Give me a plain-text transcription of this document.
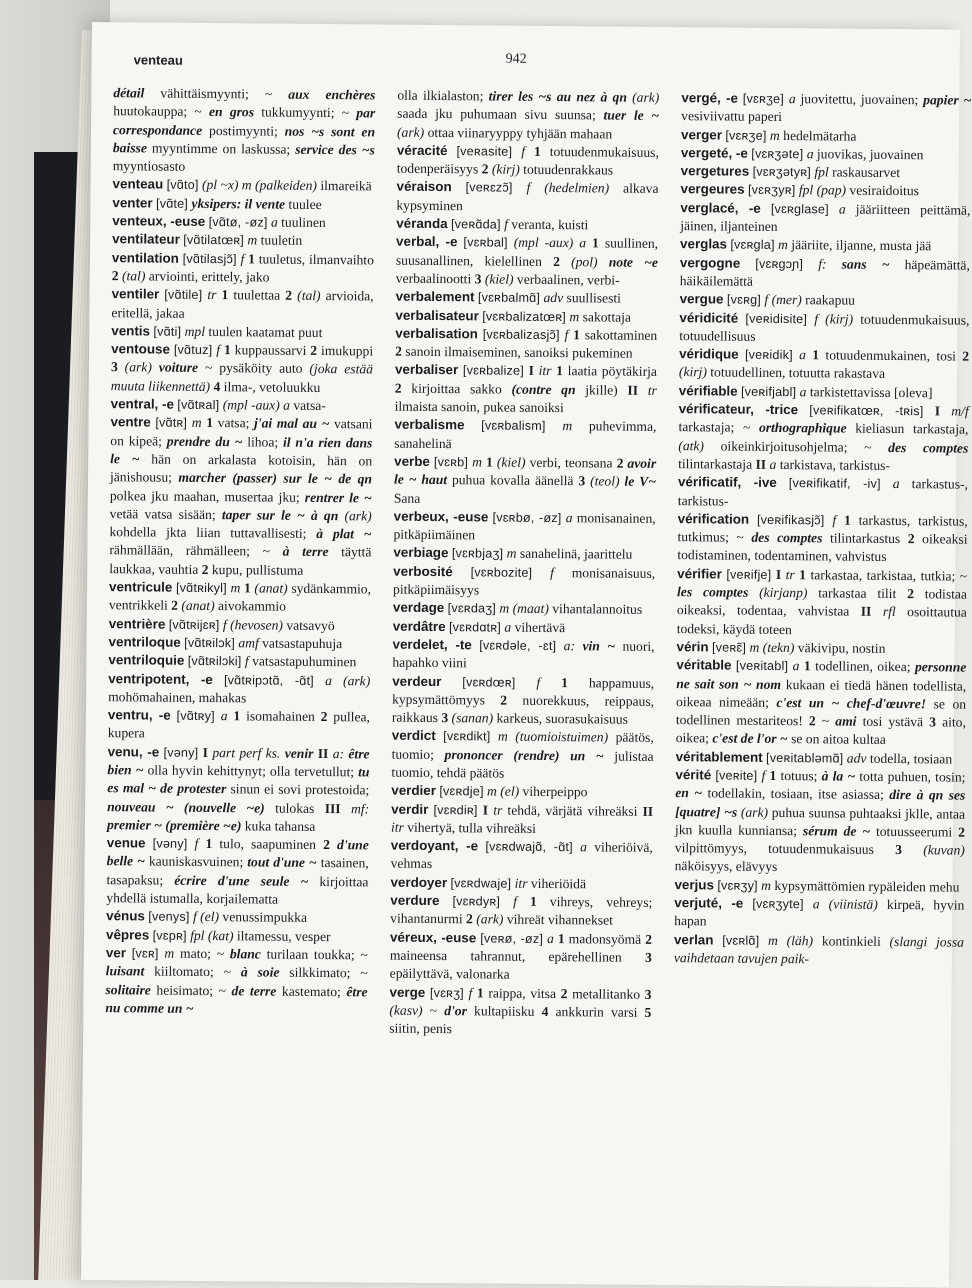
venteau	942

détail vähittäismyynti; ~ aux enchères huutokauppa; ~ en gros tukkumyynti; ~ par correspondance postimyynti; nos ~s sont en baisse myyntimme on laskussa; service des ~s myyntiosasto

venteau [vɑ̃to] (pl ~x) m (palkeiden) ilmareikä

venter [vɑ̃te] yksipers: il vente tuulee

venteux, -euse [vɑ̃tø, -øz] a tuulinen

ventilateur [vɑ̃tilatœʀ] m tuuletin

ventilation [vɑ̃tilasjɔ̃] f 1 tuuletus, ilmanvaihto 2 (tal) arviointi, erittely, jako

ventiler [vɑ̃tile] tr 1 tuulettaa 2 (tal) arvioida, eritellä, jakaa

ventis [vɑ̃ti] mpl tuulen kaatamat puut

ventouse [vɑ̃tuz] f 1 kuppaussarvi 2 imukuppi 3 (ark) voiture ~ pysäköity auto (joka estää muuta liikennettä) 4 ilma-, vetoluukku

ventral, -e [vɑ̃tʀal] (mpl -aux) a vatsa-

ventre [vɑ̃tʀ] m 1 vatsa; j'ai mal au ~ vatsani on kipeä; prendre du ~ lihoa; il n'a rien dans le ~ hän on arkalasta kotoisin, hän on jänishousu; marcher (passer) sur le ~ de qn polkea jku maahan, musertaa jku; rentrer le ~ vetää vatsa sisään; taper sur le ~ à qn (ark) kohdella jkta liian tuttavallisesti; à plat ~ rähmällään, rähmälleen; ~ à terre täyttä laukkaa, vauhtia 2 kupu, pullistuma

ventricule [vɑ̃tʀikyl] m 1 (anat) sydänkammio, ventrikkeli 2 (anat) aivokammio

ventrière [vɑ̃tʀijɛʀ] f (hevosen) vatsavyö

ventriloque [vɑ̃tʀilɔk] amf vatsastapuhuja

ventriloquie [vɑ̃tʀilɔki] f vatsastapuhuminen

ventripotent, -e [vɑ̃tʀipɔtɑ̃, -ɑ̃t] a (ark) mohömahainen, mahakas

ventru, -e [vɑ̃tʀy] a 1 isomahainen 2 pullea, kupera

venu, -e [vəny] I part perf ks. venir II a: être bien ~ olla hyvin kehittynyt; olla tervetullut; tu es mal ~ de protester sinun ei sovi protestoida; nouveau ~ (nouvelle ~e) tulokas III mf: premier ~ (première ~e) kuka tahansa

venue [vəny] f 1 tulo, saapuminen 2 d'une belle ~ kauniskasvuinen; tout d'une ~ tasainen, tasapaksu; écrire d'une seule ~ kirjoittaa yhdellä istumalla, korjailematta

vénus [venys] f (el) venussimpukka

vêpres [vɛpʀ] fpl (kat) iltamessu, vesper

ver [vɛʀ] m mato; ~ blanc turilaan toukka; ~ luisant kiiltomato; ~ à soie silkkimato; ~ solitaire heisimato; ~ de terre kastemato; être nu comme un ~

olla ilkialaston; tirer les ~s au nez à qn (ark) saada jku puhumaan sivu suunsa; tuer le ~ (ark) ottaa viinaryyppy tyhjään mahaan

véracité [veʀasite] f 1 totuudenmukaisuus, todenperäisyys 2 (kirj) totuudenrakkaus

véraison [veʀɛzɔ̃] f (hedelmien) alkava kypsyminen

véranda [veʀɑ̃da] f veranta, kuisti

verbal, -e [vɛʀbal] (mpl -aux) a 1 suullinen, suusanallinen, kielellinen 2 (pol) note ~e verbaalinootti 3 (kiel) verbaalinen, verbi-

verbalement [vɛʀbalmɑ̃] adv suullisesti

verbalisateur [vɛʀbalizatœʀ] m sakottaja

verbalisation [vɛʀbalizasjɔ̃] f 1 sakottaminen 2 sanoin ilmaiseminen, sanoiksi pukeminen

verbaliser [vɛʀbalize] I itr 1 laatia pöytäkirja 2 kirjoittaa sakko (contre qn jkille) II tr ilmaista sanoin, pukea sanoiksi

verbalisme [vɛʀbalism] m puhevimma, sanahelinä

verbe [vɛʀb] m 1 (kiel) verbi, teonsana 2 avoir le ~ haut puhua kovalla äänellä 3 (teol) le V~ Sana

verbeux, -euse [vɛʀbø, -øz] a monisanainen, pitkäpiimäinen

verbiage [vɛʀbjaʒ] m sanahelinä, jaarittelu

verbosité [vɛʀbozite] f monisanaisuus, pitkäpiimäisyys

verdage [vɛʀdaʒ] m (maat) vihantalannoitus

verdâtre [vɛʀdɑtʀ] a vihertävä

verdelet, -te [vɛʀdəle, -ɛt] a: vin ~ nuori, hapahko viini

verdeur [vɛʀdœʀ] f 1 happamuus, kypsymättömyys 2 nuorekkuus, reippaus, raikkaus 3 (sanan) karkeus, suorasukaisuus

verdict [vɛʀdikt] m (tuomioistuimen) päätös, tuomio; prononcer (rendre) un ~ julistaa tuomio, tehdä päätös

verdier [vɛʀdje] m (el) viherpeippo

verdir [vɛʀdiʀ] I tr tehdä, värjätä vihreäksi II itr vihertyä, tulla vihreäksi

verdoyant, -e [vɛʀdwajɑ̃, -ɑ̃t] a viheriöivä, vehmas

verdoyer [vɛʀdwaje] itr viheriöidä

verdure [vɛʀdyʀ] f 1 vihreys, vehreys; vihantanurmi 2 (ark) vihreät vihannekset

véreux, -euse [veʀø, -øz] a 1 madonsyömä 2 maineensa tahrannut, epärehellinen 3 epäilyttävä, valonarka

verge [vɛʀʒ] f 1 raippa, vitsa 2 metallitanko 3 (kasv) ~ d'or kultapiisku 4 ankkurin varsi 5 siitin, penis

vergé, -e [vɛʀʒe] a juovitettu, juovainen; papier ~ vesiviivattu paperi

verger [vɛʀʒe] m hedelmätarha

vergeté, -e [vɛʀʒəte] a juovikas, juovainen

vergetures [vɛʀʒətyʀ] fpl raskausarvet

vergeures [vɛʀʒyʀ] fpl (pap) vesiraidoitus

verglacé, -e [vɛʀglase] a jääriitteen peittämä, jäinen, iljanteinen

verglas [vɛʀgla] m jääriite, iljanne, musta jää

vergogne [vɛʀgɔɲ] f: sans ~ häpeämättä, häikäilemättä

vergue [vɛʀg] f (mer) raakapuu

véridicité [veʀidisite] f (kirj) totuudenmukaisuus, totuudellisuus

véridique [veʀidik] a 1 totuudenmukainen, tosi 2 (kirj) totuudellinen, totuutta rakastava

vérifiable [veʀifjabl] a tarkistettavissa [oleva]

vérificateur, -trice [veʀifikatœʀ, -tʀis] I m/f tarkastaja; ~ orthographique kieliasun tarkastaja, (atk) oikeinkirjoitusohjelma; ~ des comptes tilintarkastaja II a tarkistava, tarkistus-

vérificatif, -ive [veʀifikatif, -iv] a tarkastus-, tarkistus-

vérification [veʀifikasjɔ̃] f 1 tarkastus, tarkistus, tutkimus; ~ des comptes tilintarkastus 2 oikeaksi todistaminen, todentaminen, vahvistus

vérifier [veʀifje] I tr 1 tarkastaa, tarkistaa, tutkia; ~ les comptes (kirjanp) tarkastaa tilit 2 todistaa oikeaksi, todentaa, vahvistaa II rfl osoittautua todeksi, käydä toteen

vérin [veʀɛ̃] m (tekn) väkivipu, nostin

véritable [veʀitabl] a 1 todellinen, oikea; personne ne sait son ~ nom kukaan ei tiedä hänen todellista, oikeaa nimeään; c'est un ~ chef-d'œuvre! se on todellinen mestariteos! 2 ~ ami tosi ystävä 3 aito, oikea; c'est de l'or ~ se on aitoa kultaa

véritablement [veʀitabləmɑ̃] adv todella, tosiaan

vérité [veʀite] f 1 totuus; à la ~ totta puhuen, tosin; en ~ todellakin, tosiaan, itse asiassa; dire à qn ses [quatre] ~s (ark) puhua suunsa puhtaaksi jklle, antaa jkn kuulla kunniansa; sérum de ~ totuusseerumi 2 vilpittömyys, totuudenmukaisuus 3 (kuvan) näköisyys, elävyys

verjus [vɛʀʒy] m kypsymättömien rypäleiden mehu

verjuté, -e [vɛʀʒyte] a (viinistä) kirpeä, hyvin hapan

verlan [vɛʀlɑ̃] m (läh) kontinkieli (slangi jossa vaihdetaan tavujen paik-
